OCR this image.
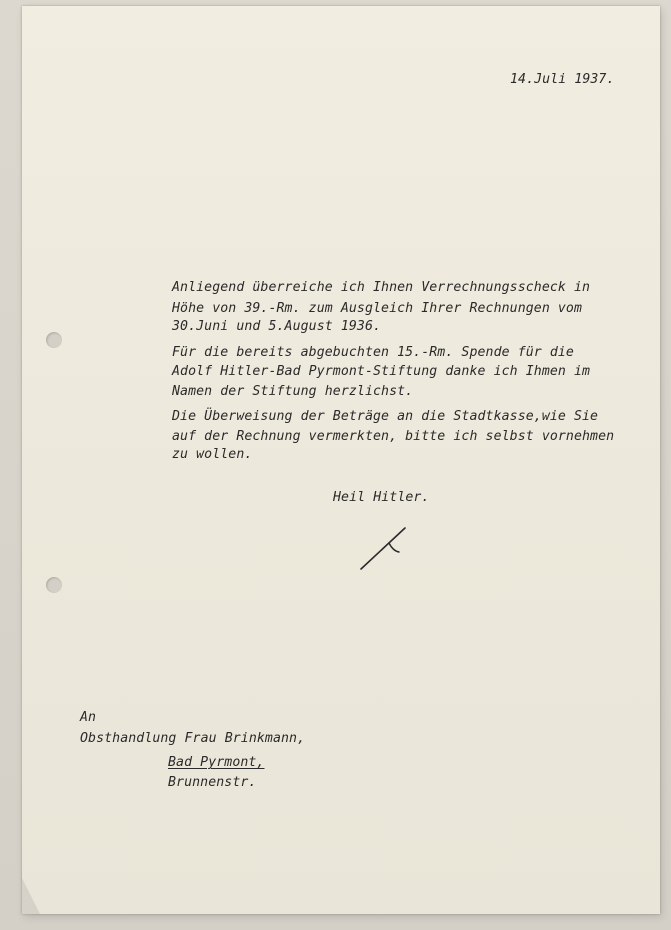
14.Juli 1937.
Anliegend überreiche ich Ihnen Verrechnungsscheck in
Höhe von 39.-Rm. zum Ausgleich Ihrer Rechnungen vom
30.Juni und 5.August 1936.
Für die bereits abgebuchten 15.-Rm. Spende für die
Adolf Hitler-Bad Pyrmont-Stiftung danke ich Ihmen im
Namen der Stiftung herzlichst.
Die Überweisung der Beträge an die Stadtkasse,wie Sie
auf der Rechnung vermerkten, bitte ich selbst vornehmen
zu wollen.
Heil Hitler.
An
Obsthandlung Frau Brinkmann,
Bad Pyrmont,
Brunnenstr.
